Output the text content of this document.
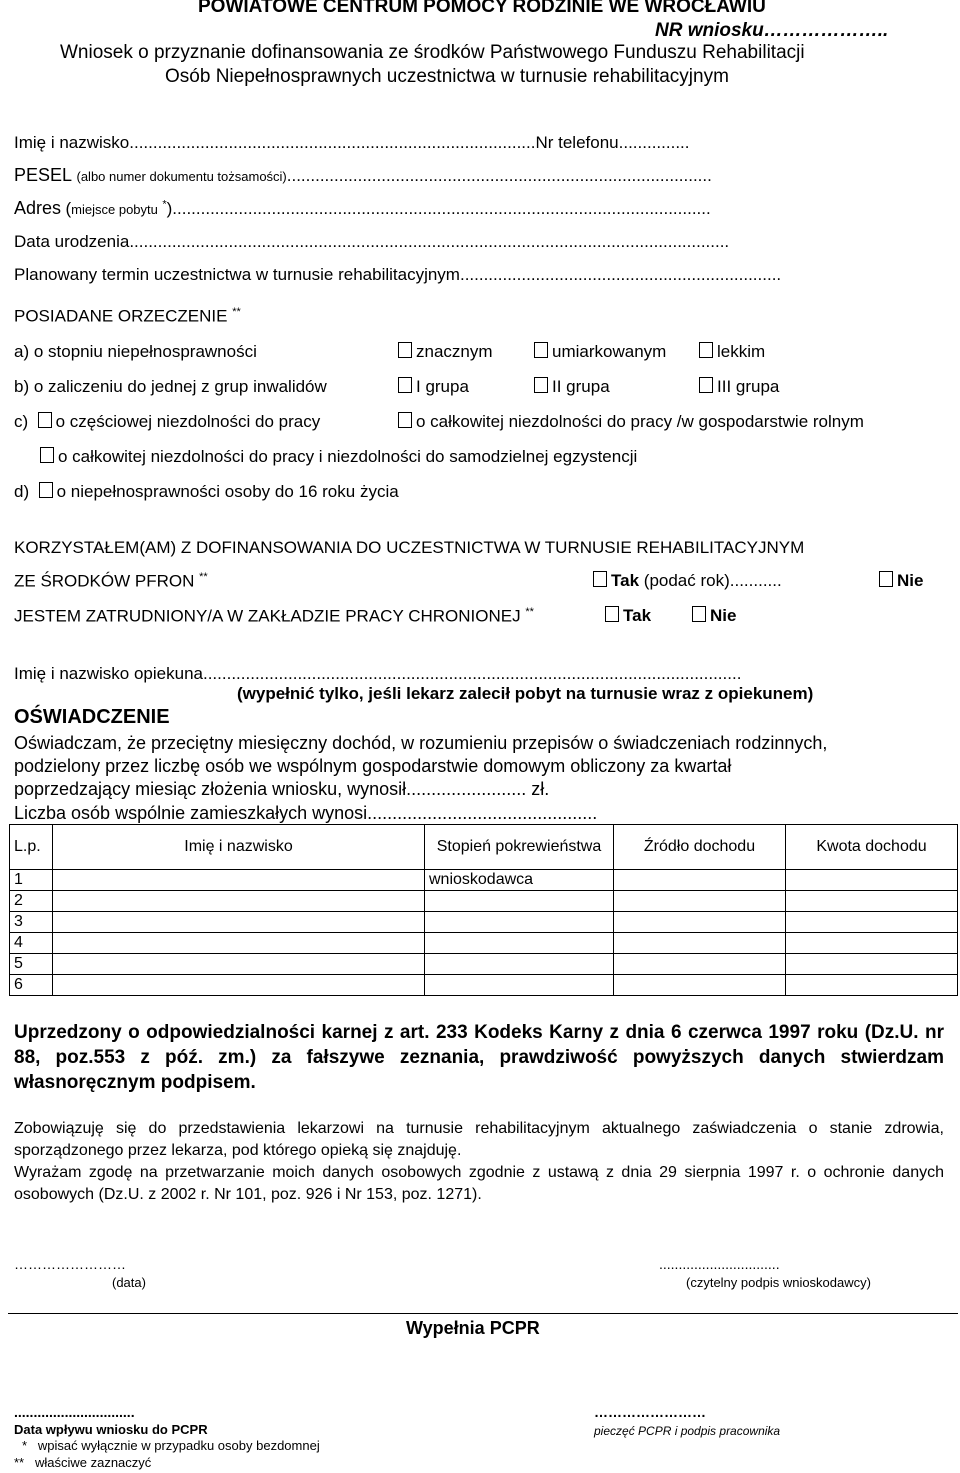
POWIATOWE CENTRUM POMOCY RODZINIE WE WROCŁAWIU
NR wniosku………………..
Wniosek o przyznanie dofinansowania ze środków Państwowego Funduszu Rehabilitacji
Osób Niepełnosprawnych uczestnictwa w turnusie rehabilitacyjnym
Imię i nazwisko......................................................................................Nr telefonu...............
PESEL (albo numer dokumentu tożsamości)..........................................................................................
Adres (miejsce pobytu *)..................................................................................................................
Data urodzenia...............................................................................................................................
Planowany termin uczestnictwa w turnusie rehabilitacyjnym....................................................................
POSIADANE ORZECZENIE **
a) o stopniu niepełnosprawności	znacznym	umiarkowanym	lekkim
b) o zaliczeniu do jednej z grup inwalidów	I grupa	II grupa	III grupa
c) o częściowej niezdolności do pracy	o całkowitej niezdolności do pracy /w gospodarstwie rolnym
o całkowitej niezdolności do pracy i niezdolności do samodzielnej egzystencji
d) o niepełnosprawności osoby do 16 roku życia
KORZYSTAŁEM(AM) Z DOFINANSOWANIA DO UCZESTNICTWA W TURNUSIE REHABILITACYJNYM
ZE ŚRODKÓW PFRON **	Tak (podać rok)...........	Nie
JESTEM ZATRUDNIONY/A W ZAKŁADZIE PRACY CHRONIONEJ **	Tak	Nie
Imię i nazwisko opiekuna..................................................................................................................
(wypełnić tylko, jeśli lekarz zalecił pobyt na turnusie wraz z opiekunem)
OŚWIADCZENIE
Oświadczam, że przeciętny miesięczny dochód, w rozumieniu przepisów o świadczeniach rodzinnych,
podzielony przez liczbę osób we wspólnym gospodarstwie domowym obliczony za kwartał
poprzedzający miesiąc złożenia wniosku, wynosił........................ zł.
Liczba osób wspólnie zamieszkałych wynosi..............................................
L.p.	Imię i nazwisko	Stopień pokrewieństwa	Źródło dochodu	Kwota dochodu
1		wnioskodawca		
2				
3				
4				
5				
6				
Uprzedzony o odpowiedzialności karnej z art. 233 Kodeks Karny z dnia 6 czerwca 1997 roku (Dz.U. nr 88, poz.553 z póź. zm.) za fałszywe zeznania, prawdziwość powyższych danych stwierdzam własnoręcznym podpisem.
Zobowiązuję się do przedstawienia lekarzowi na turnusie rehabilitacyjnym aktualnego zaświadczenia o stanie zdrowia, sporządzonego przez lekarza, pod którego opieką się znajduję.
Wyrażam zgodę na przetwarzanie moich danych osobowych zgodnie z ustawą z dnia 29 sierpnia 1997 r. o ochronie danych osobowych (Dz.U. z 2002 r. Nr 101, poz. 926 i Nr 153, poz. 1271).
……………………
(data)
...............................
(czytelny podpis wnioskodawcy)
Wypełnia PCPR
...............................
Data wpływu wniosku do PCPR
……………………
pieczęć PCPR i podpis pracownika
* wpisać wyłącznie w przypadku osoby bezdomnej
** właściwe zaznaczyć
